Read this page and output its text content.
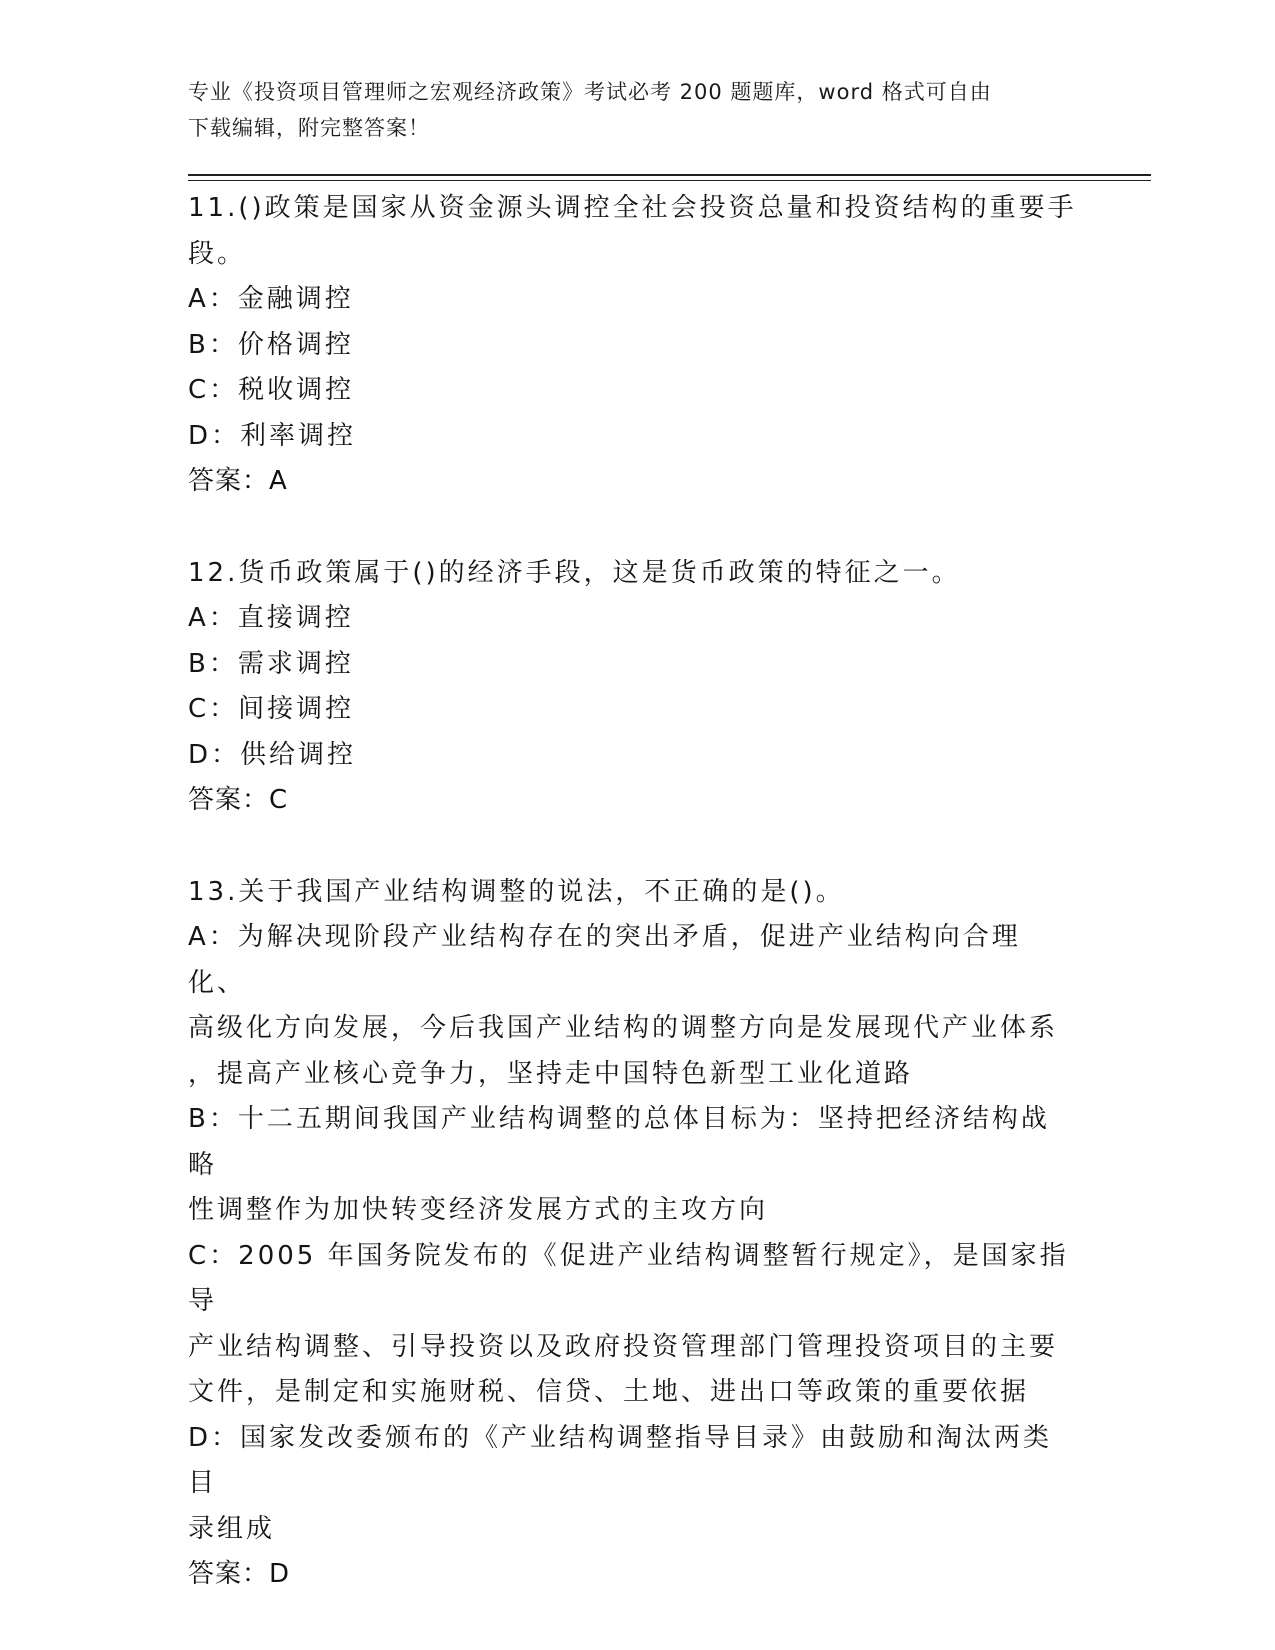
专业《投资项目管理师之宏观经济政策》考试必考 200 题题库，word 格式可自由
下载编辑，附完整答案！
11.()政策是国家从资金源头调控全社会投资总量和投资结构的重要手
段。
A：金融调控
B：价格调控
C：税收调控
D：利率调控
答案：A
12.货币政策属于()的经济手段，这是货币政策的特征之一。
A：直接调控
B：需求调控
C：间接调控
D：供给调控
答案：C
13.关于我国产业结构调整的说法，不正确的是()。
A：为解决现阶段产业结构存在的突出矛盾，促进产业结构向合理化、
高级化方向发展，今后我国产业结构的调整方向是发展现代产业体系
，提高产业核心竞争力，坚持走中国特色新型工业化道路
B：十二五期间我国产业结构调整的总体目标为：坚持把经济结构战略
性调整作为加快转变经济发展方式的主攻方向
C：2005 年国务院发布的《促进产业结构调整暂行规定》，是国家指导
产业结构调整、引导投资以及政府投资管理部门管理投资项目的主要
文件，是制定和实施财税、信贷、土地、进出口等政策的重要依据
D：国家发改委颁布的《产业结构调整指导目录》由鼓励和淘汰两类目
录组成
答案：D
